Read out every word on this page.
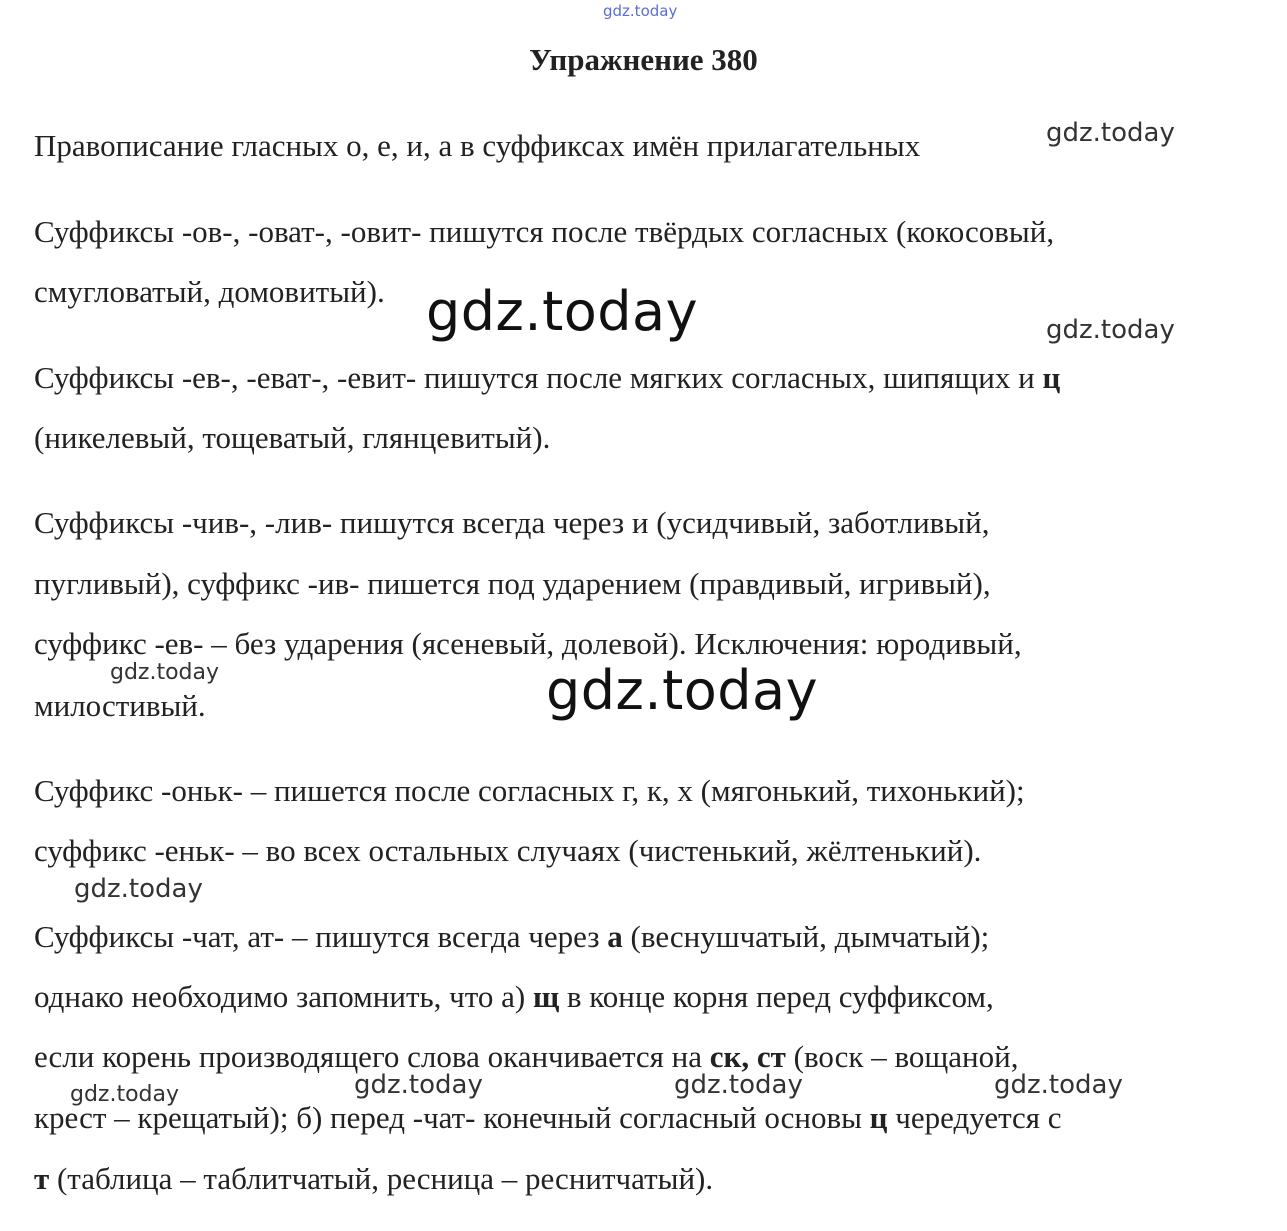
gdz.today
Упражнение 380
Правописание гласных о, е, и, а в суффиксах имён прилагательных	gdz.today
Суффиксы -ов-, -оват-, -овит- пишутся после твёрдых согласных (кокосовый,
смугловатый, домовитый). gdz.today	gdz.today
Суффиксы -ев-, -еват-, -евит- пишутся после мягких согласных, шипящих и ц
(никелевый, тощеватый, глянцевитый).
Суффиксы -чив-, -лив- пишутся всегда через и (усидчивый, заботливый,
пугливый), суффикс -ив- пишется под ударением (правдивый, игривый),
суффикс -ев- – без ударения (ясеневый, долевой). Исключения: юродивый,
gdz.today
милостивый.	gdz.today
Суффикс -оньк- – пишется после согласных г, к, х (мягонький, тихонький);
суффикс -еньк- – во всех остальных случаях (чистенький, жёлтенький).
gdz.today
Суффиксы -чат, ат- – пишутся всегда через а (веснушчатый, дымчатый);
однако необходимо запомнить, что а) щ в конце корня перед суффиксом,
если корень производящего слова оканчивается на ск, ст (воск – вощаной,
gdz.today	gdz.today	gdz.today	gdz.today
крест – крещатый); б) перед -чат- конечный согласный основы ц чередуется с
т (таблица – таблитчатый, ресница – реснитчатый).
